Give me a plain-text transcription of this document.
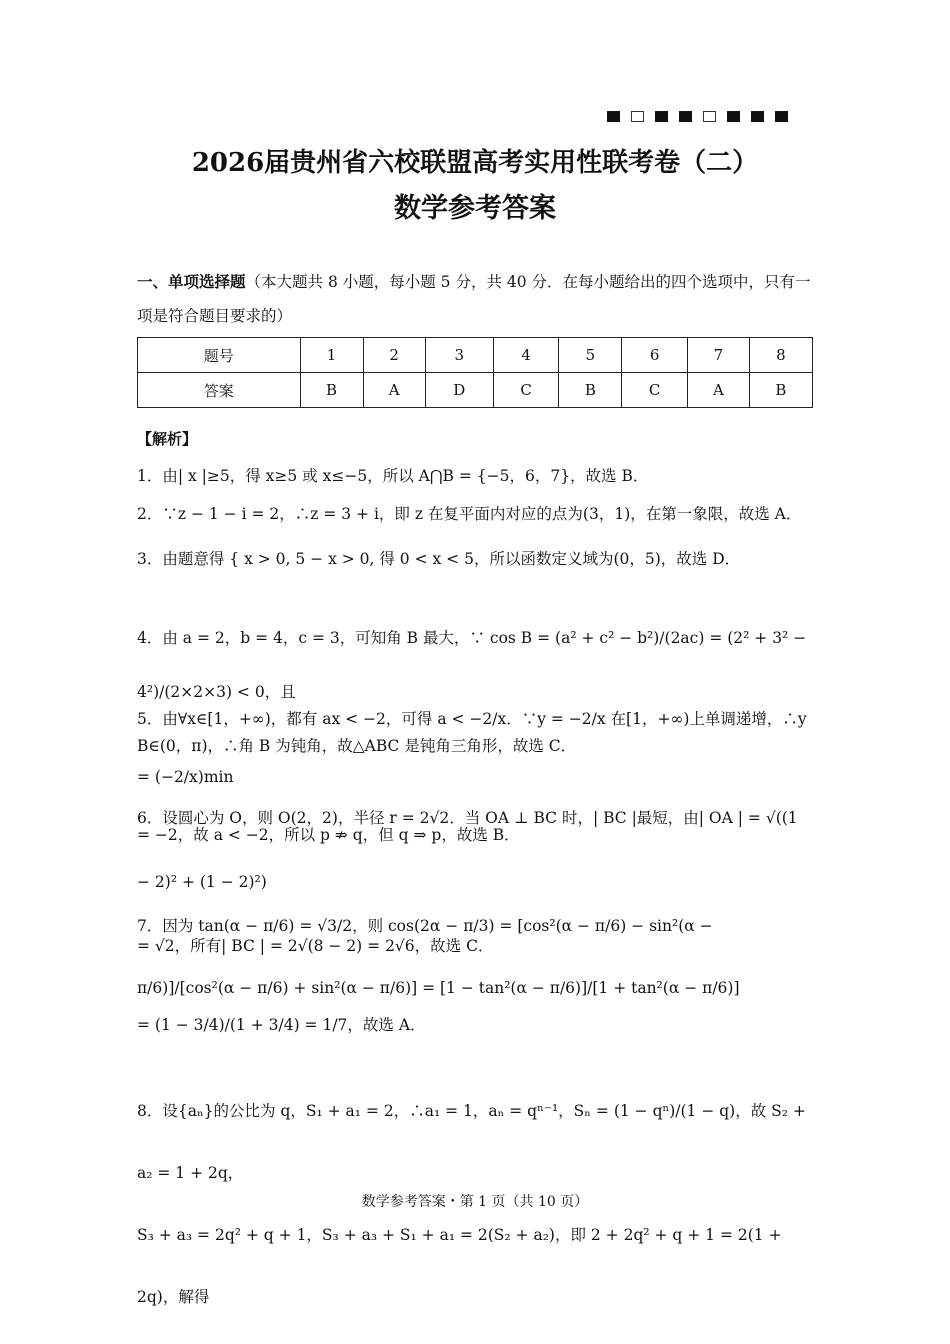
2026届贵州省六校联盟高考实用性联考卷（二）
数学参考答案
一、单项选择题（本大题共 8 小题，每小题 5 分，共 40 分．在每小题给出的四个选项中，只有一项是符合题目要求的）
题号	1	2	3	4	5	6	7	8
答案	B	A	D	C	B	C	A	B
【解析】
1．由| x |≥5，得 x≥5 或 x≤−5，所以 A⋂B = {−5，6，7}，故选 B．
2．∵z − 1 − i = 2，∴z = 3 + i，即 z 在复平面内对应的点为(3，1)，在第一象限，故选 A．
3．由题意得 { x > 0, 5 − x > 0, 得 0 < x < 5，所以函数定义域为(0，5)，故选 D．
4．由 a = 2，b = 4，c = 3，可知角 B 最大，∵ cos B = (a² + c² − b²)/(2ac) = (2² + 3² − 4²)/(2×2×3) < 0，且
B∈(0，π)，∴角 B 为钝角，故△ABC 是钝角三角形，故选 C．
5．由∀x∈[1，+∞)，都有 ax < −2，可得 a < −2/x．∵y = −2/x 在[1，+∞)上单调递增，∴y = (−2/x)min
= −2，故 a < −2，所以 p ⇏ q，但 q ⇒ p，故选 B．
6．设圆心为 O，则 O(2，2)，半径 r = 2√2．当 OA ⊥ BC 时，| BC |最短，由| OA | = √((1 − 2)² + (1 − 2)²)
= √2，所有| BC | = 2√(8 − 2) = 2√6，故选 C．
7．因为 tan(α − π/6) = √3/2，则 cos(2α − π/3) = [cos²(α − π/6) − sin²(α − π/6)]/[cos²(α − π/6) + sin²(α − π/6)] = [1 − tan²(α − π/6)]/[1 + tan²(α − π/6)]
= (1 − 3/4)/(1 + 3/4) = 1/7，故选 A．
8．设{aₙ}的公比为 q，S₁ + a₁ = 2，∴a₁ = 1，aₙ = qⁿ⁻¹，Sₙ = (1 − qⁿ)/(1 − q)，故 S₂ + a₂ = 1 + 2q，
S₃ + a₃ = 2q² + q + 1，S₃ + a₃ + S₁ + a₁ = 2(S₂ + a₂)，即 2 + 2q² + q + 1 = 2(1 + 2q)，解得
数学参考答案・第 1 页（共 10 页）
